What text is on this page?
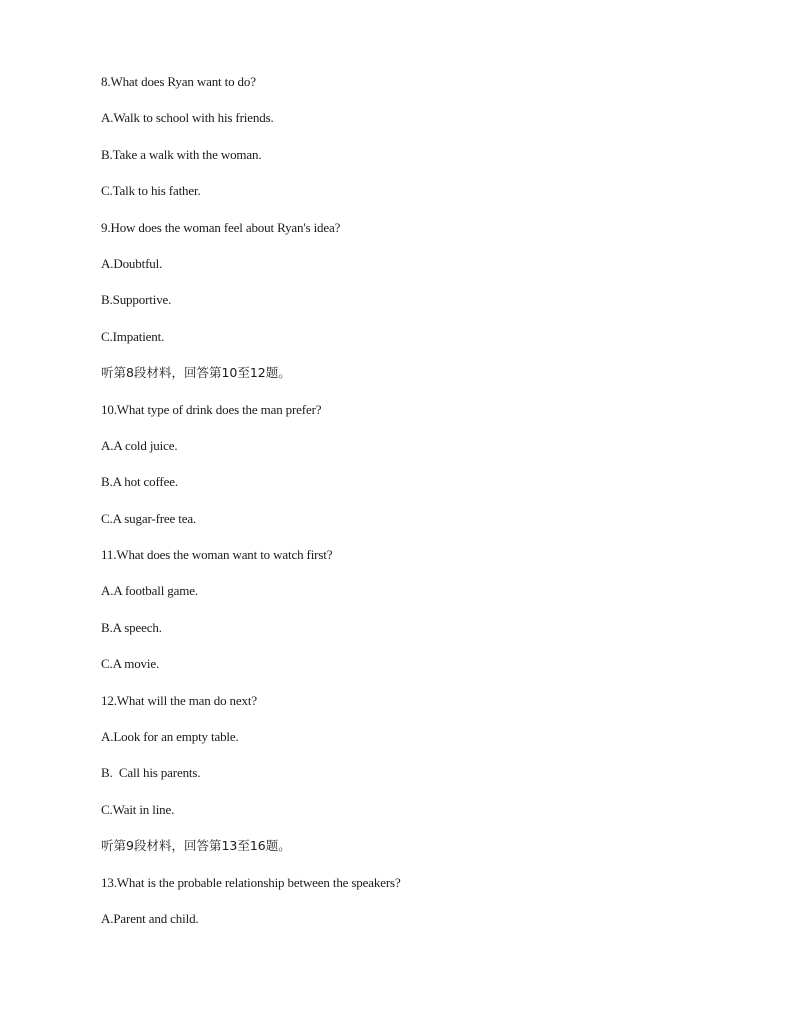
8.What does Ryan want to do?
A.Walk to school with his friends.
B.Take a walk with the woman.
C.Talk to his father.
9.How does the woman feel about Ryan's idea?
A.Doubtful.
B.Supportive.
C.Impatient.
听第8段材料，回答第10至12题。
10.What type of drink does the man prefer?
A.A cold juice.
B.A hot coffee.
C.A sugar-free tea.
11.What does the woman want to watch first?
A.A football game.
B.A speech.
C.A movie.
12.What will the man do next?
A.Look for an empty table.
B.  Call his parents.
C.Wait in line.
听第9段材料，回答第13至16题。
13.What is the probable relationship between the speakers?
A.Parent and child.
